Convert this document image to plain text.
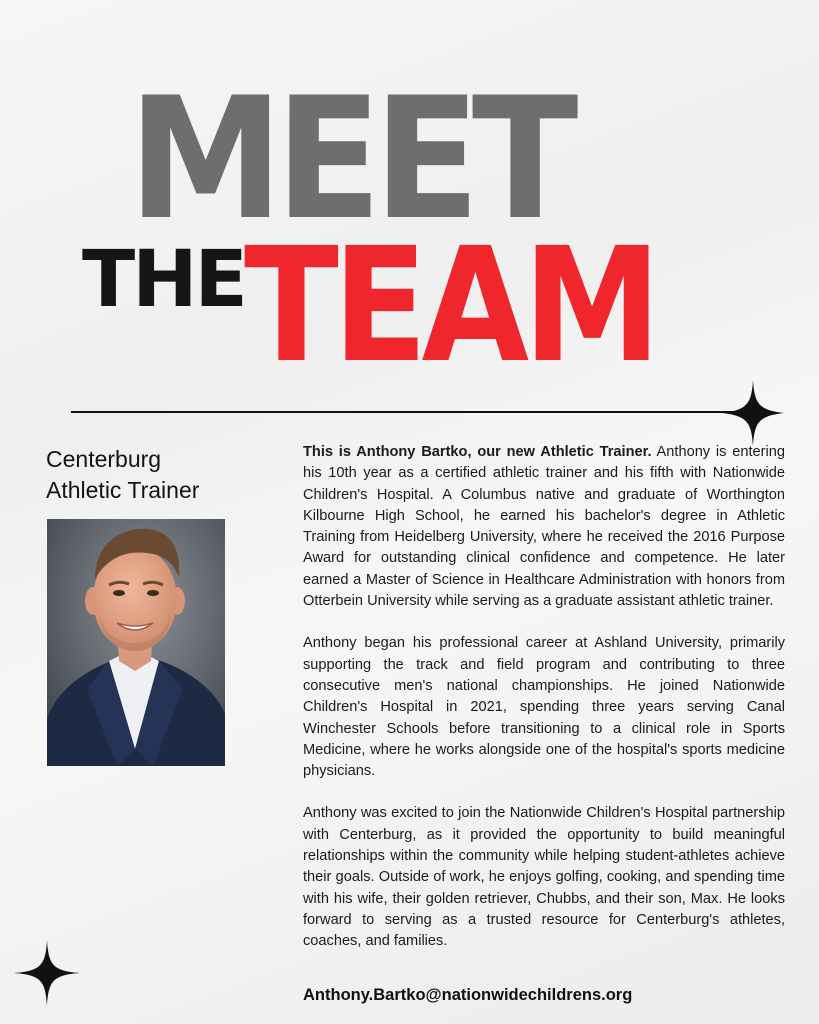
MEET
THE TEAM
Centerburg
Athletic Trainer

This is Anthony Bartko, our new Athletic Trainer. Anthony is entering his 10th year as a certified athletic trainer and his fifth with Nationwide Children's Hospital. A Columbus native and graduate of Worthington Kilbourne High School, he earned his bachelor's degree in Athletic Training from Heidelberg University, where he received the 2016 Purpose Award for outstanding clinical confidence and competence. He later earned a Master of Science in Healthcare Administration with honors from Otterbein University while serving as a graduate assistant athletic trainer.

Anthony began his professional career at Ashland University, primarily supporting the track and field program and contributing to three consecutive men's national championships. He joined Nationwide Children's Hospital in 2021, spending three years serving Canal Winchester Schools before transitioning to a clinical role in Sports Medicine, where he works alongside one of the hospital's sports medicine physicians.

Anthony was excited to join the Nationwide Children's Hospital partnership with Centerburg, as it provided the opportunity to build meaningful relationships within the community while helping student-athletes achieve their goals. Outside of work, he enjoys golfing, cooking, and spending time with his wife, their golden retriever, Chubbs, and their son, Max. He looks forward to serving as a trusted resource for Centerburg's athletes, coaches, and families.

Anthony.Bartko@nationwidechildrens.org
